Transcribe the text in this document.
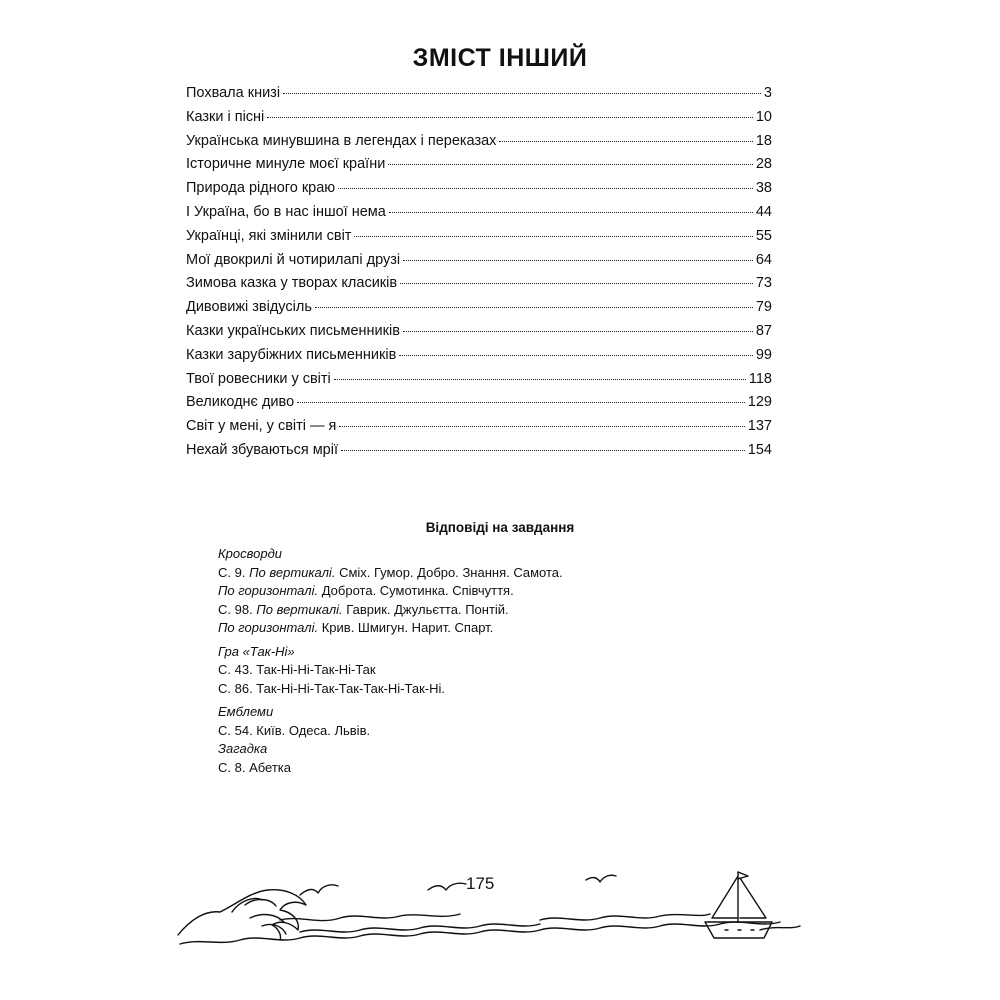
ЗМІСТ ІНШИЙ
Похвала книзі	3
Казки і пісні	10
Українська минувшина в легендах і переказах	18
Історичне минуле моєї країни	28
Природа рідного краю	38
І Україна, бо в нас іншої нема	44
Українці, які змінили світ	55
Мої двокрилі й чотирилапі друзі	64
Зимова казка у творах класиків	73
Дивовижі звідусіль	79
Казки українських письменників	87
Казки зарубіжних письменників	99
Твої ровесники у світі	118
Великоднє диво	129
Світ у мені, у світі — я	137
Нехай збуваються мрії	154
Відповіді на завдання
Кросворди
С. 9. По вертикалі. Сміх. Гумор. Добро. Знання. Самота.
По горизонталі. Доброта. Сумотинка. Співчуття.
С. 98. По вертикалі. Гаврик. Джульєтта. Понтій.
По горизонталі. Крив. Шмигун. Нарит. Спарт.
Гра «Так-Ні»
С. 43. Так-Ні-Ні-Так-Ні-Так
С. 86. Так-Ні-Ні-Так-Так-Так-Ні-Так-Ні.
Емблеми
С. 54. Київ. Одеса. Львів.
Загадка
С. 8. Абетка
175
